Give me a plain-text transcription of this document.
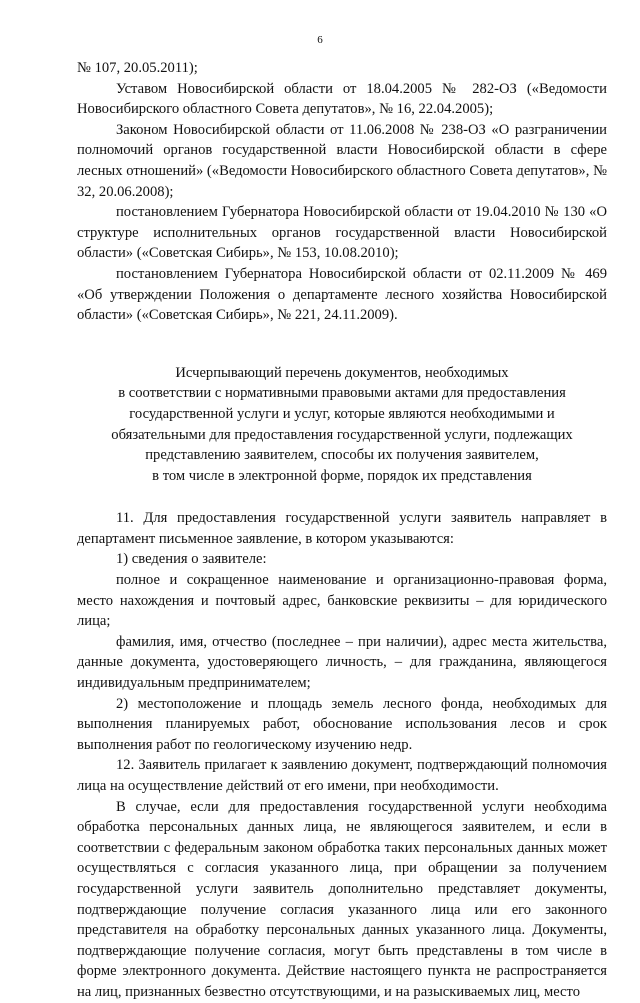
6

№ 107, 20.05.2011);

Уставом Новосибирской области от 18.04.2005 № 282-ОЗ («Ведомости Новосибирского областного Совета депутатов», № 16, 22.04.2005);

Законом Новосибирской области от 11.06.2008 № 238-ОЗ «О разграничении полномочий органов государственной власти Новосибирской области в сфере лесных отношений» («Ведомости Новосибирского областного Совета депутатов», № 32, 20.06.2008);

постановлением Губернатора Новосибирской области от 19.04.2010 № 130 «О структуре исполнительных органов государственной власти Новосибирской области» («Советская Сибирь», № 153, 10.08.2010);

постановлением Губернатора Новосибирской области от 02.11.2009 № 469 «Об утверждении Положения о департаменте лесного хозяйства Новосибирской области» («Советская Сибирь», № 221, 24.11.2009).

Исчерпывающий перечень документов, необходимых

в соответствии с нормативными правовыми актами для предоставления

государственной услуги и услуг, которые являются необходимыми и

обязательными для предоставления государственной услуги, подлежащих

представлению заявителем, способы их получения заявителем,

в том числе в электронной форме, порядок их представления

11. Для предоставления государственной услуги заявитель направляет в департамент письменное заявление, в котором указываются:

1) сведения о заявителе:

полное и сокращенное наименование и организационно-правовая форма, место нахождения и почтовый адрес, банковские реквизиты – для юридического лица;

фамилия, имя, отчество (последнее – при наличии), адрес места жительства, данные документа, удостоверяющего личность, – для гражданина, являющегося индивидуальным предпринимателем;

2) местоположение и площадь земель лесного фонда, необходимых для выполнения планируемых работ, обоснование использования лесов и срок выполнения работ по геологическому изучению недр.

12. Заявитель прилагает к заявлению документ, подтверждающий полномочия лица на осуществление действий от его имени, при необходимости.

В случае, если для предоставления государственной услуги необходима обработка персональных данных лица, не являющегося заявителем, и если в соответствии с федеральным законом обработка таких персональных данных может осуществляться с согласия указанного лица, при обращении за получением государственной услуги заявитель дополнительно представляет документы, подтверждающие получение согласия указанного лица или его законного представителя на обработку персональных данных указанного лица. Документы, подтверждающие получение согласия, могут быть представлены в том числе в форме электронного документа. Действие настоящего пункта не распространяется на лиц, признанных безвестно отсутствующими, и на разыскиваемых лиц, место
